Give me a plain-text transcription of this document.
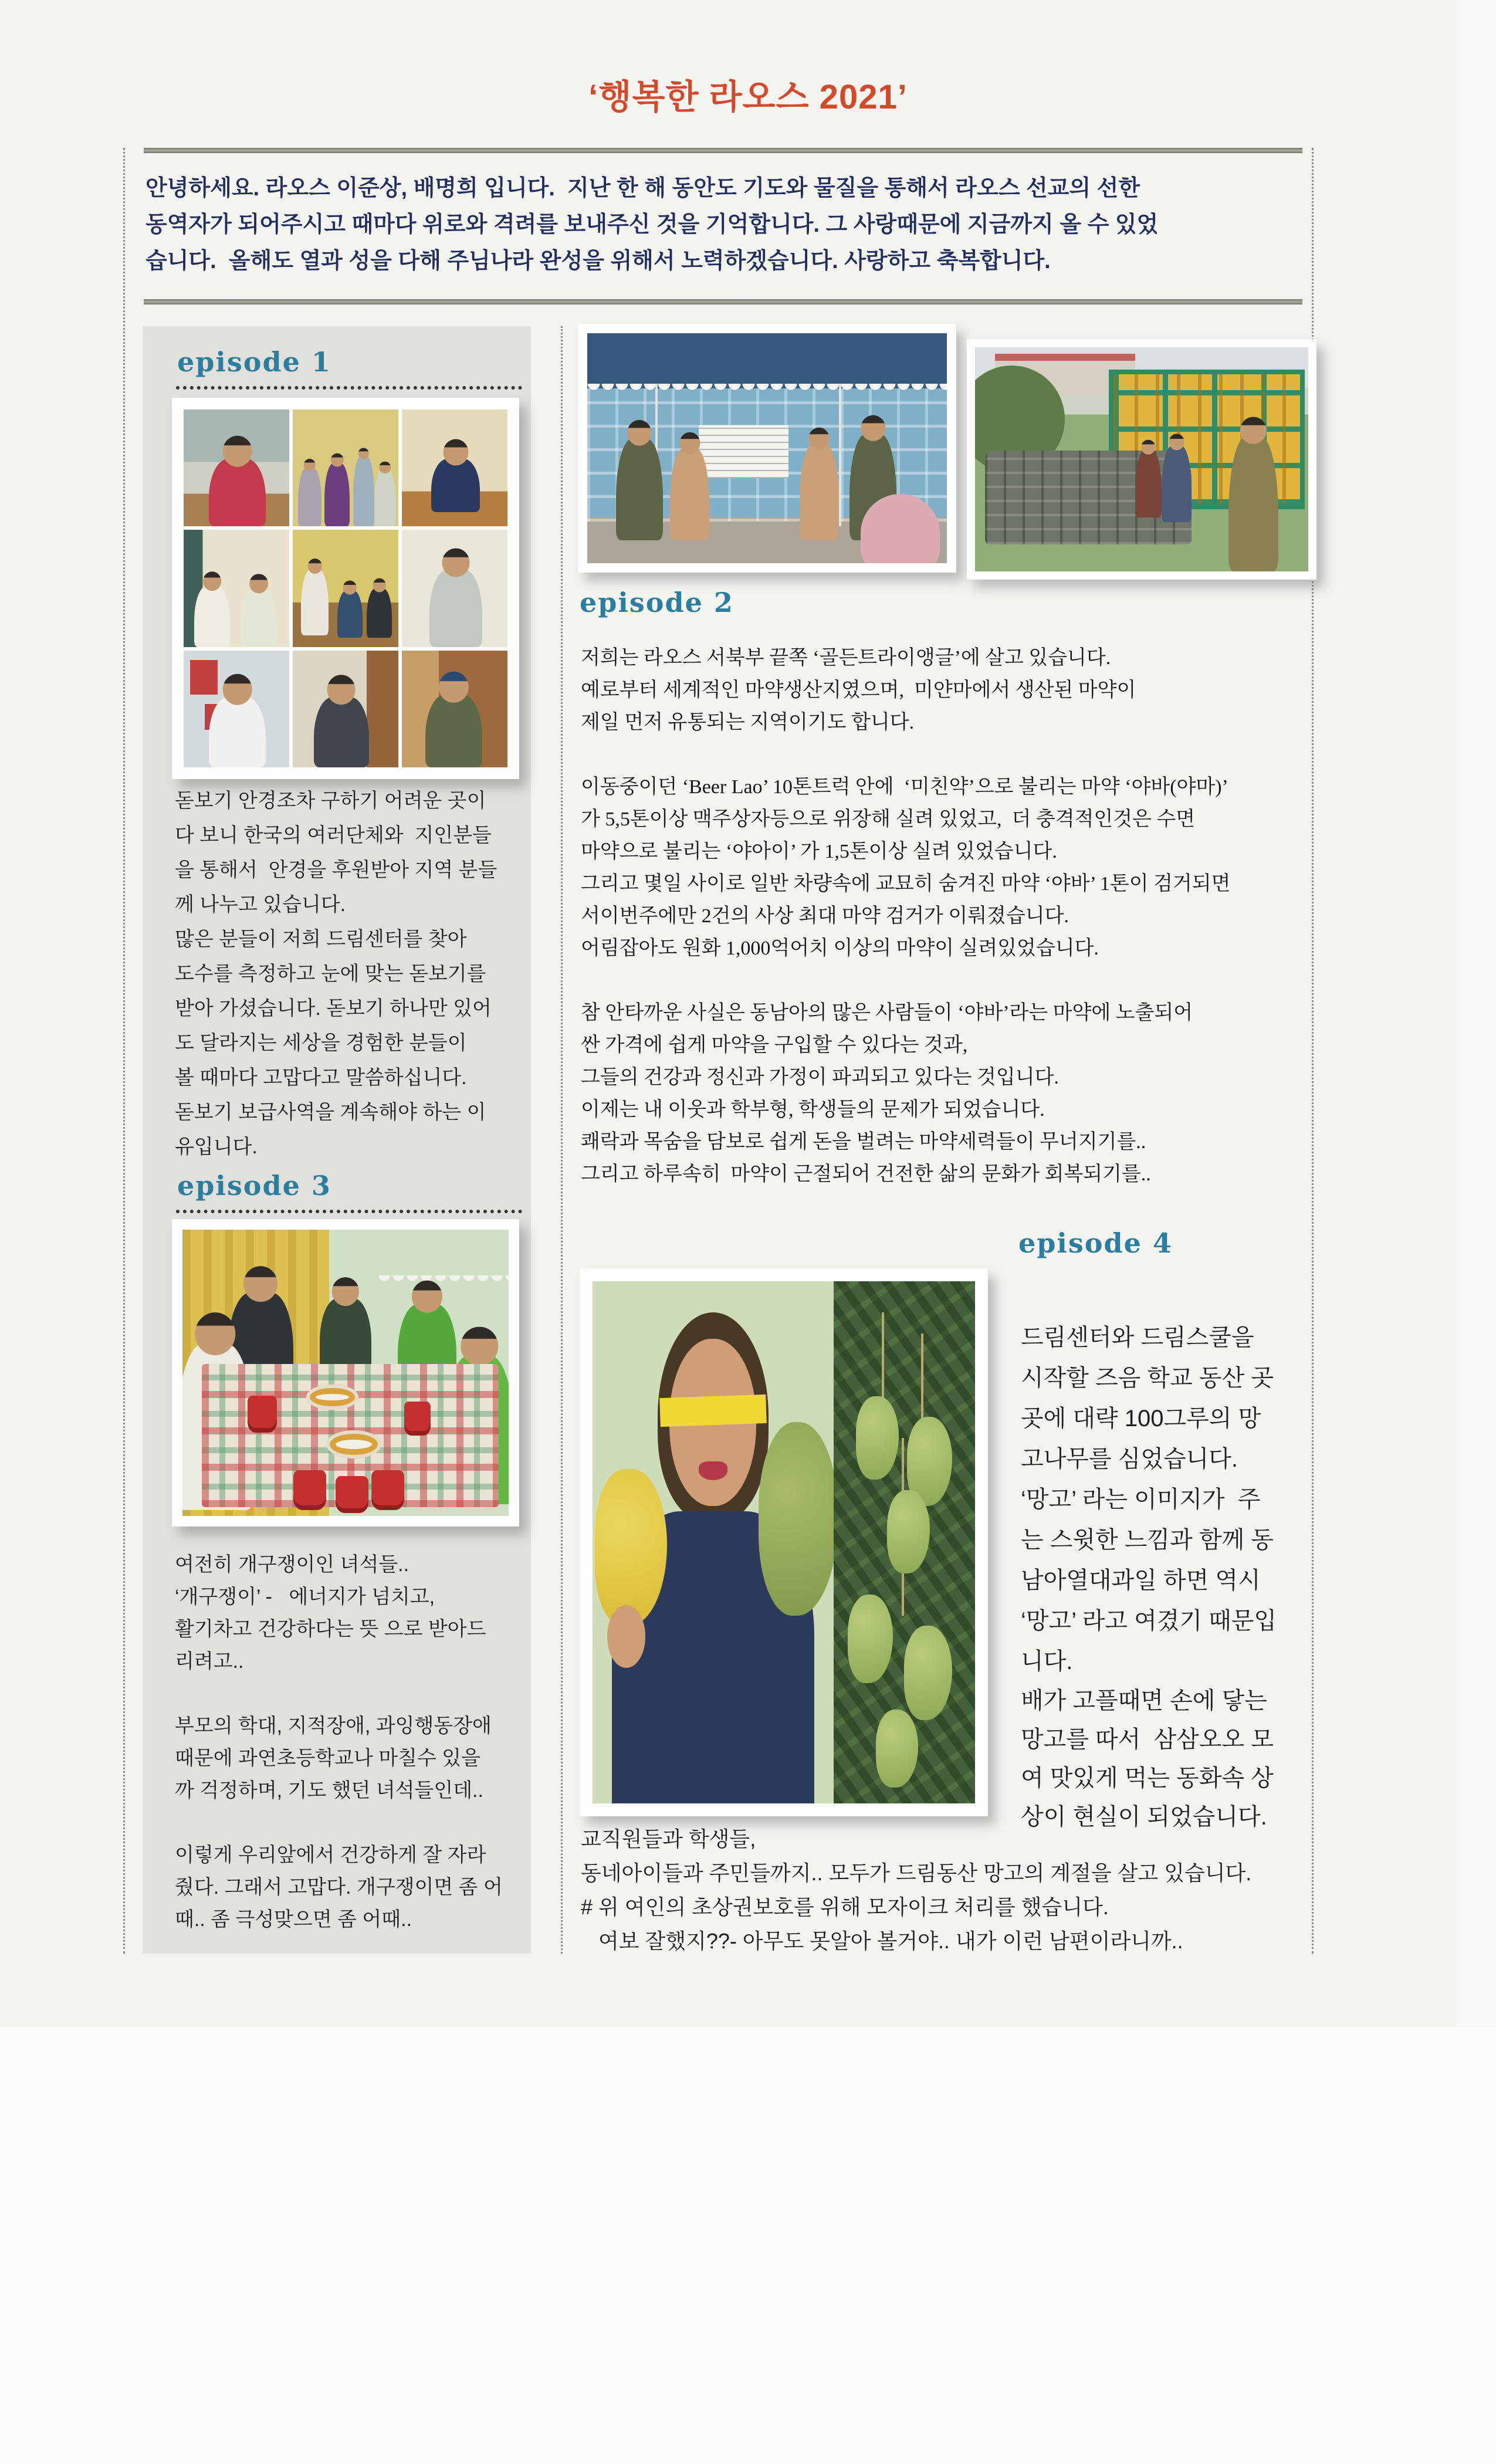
‘행복한 라오스 2021’
안녕하세요. 라오스 이준상, 배명희 입니다.  지난 한 해 동안도 기도와 물질을 통해서 라오스 선교의 선한
동역자가 되어주시고 때마다 위로와 격려를 보내주신 것을 기억합니다. 그 사랑때문에 지금까지 올 수 있었
습니다.  올해도 열과 성을 다해 주님나라 완성을 위해서 노력하겠습니다. 사랑하고 축복합니다.
episode 1
돋보기 안경조차 구하기 어려운 곳이
다 보니 한국의 여러단체와  지인분들
을 통해서  안경을 후원받아 지역 분들
께 나누고 있습니다.
많은 분들이 저희 드림센터를 찾아
도수를 측정하고 눈에 맞는 돋보기를
받아 가셨습니다. 돋보기 하나만 있어
도 달라지는 세상을 경험한 분들이
볼 때마다 고맙다고 말씀하십니다.
돋보기 보급사역을 계속해야 하는 이
유입니다.
episode 3
여전히 개구쟁이인 녀석들..
‘개구쟁이’ -   에너지가 넘치고,
활기차고 건강하다는 뜻 으로 받아드
리려고..

부모의 학대, 지적장애, 과잉행동장애
때문에 과연초등학교나 마칠수 있을
까 걱정하며, 기도 했던 녀석들인데..

이렇게 우리앞에서 건강하게 잘 자라
줬다. 그래서 고맙다. 개구쟁이면 좀 어
때.. 좀 극성맞으면 좀 어때..
episode 2
저희는 라오스 서북부 끝쪽 ‘골든트라이앵글’에 살고 있습니다.
예로부터 세계적인 마약생산지였으며,  미얀마에서 생산된 마약이
제일 먼저 유통되는 지역이기도 합니다.

이동중이던 ‘Beer Lao’ 10톤트럭 안에  ‘미친약’으로 불리는 마약 ‘야바(야마)’
가 5,5톤이상 맥주상자등으로 위장해 실려 있었고,  더 충격적인것은 수면
마약으로 불리는 ‘야아이’ 가 1,5톤이상 실려 있었습니다.
그리고 몇일 사이로 일반 차량속에 교묘히 숨겨진 마약 ‘야바’ 1톤이 검거되면
서이번주에만 2건의 사상 최대 마약 검거가 이뤄졌습니다.
어림잡아도 원화 1,000억어치 이상의 마약이 실려있었습니다.

참 안타까운 사실은 동남아의 많은 사람들이 ‘야바’라는 마약에 노출되어
싼 가격에 쉽게 마약을 구입할 수 있다는 것과,
그들의 건강과 정신과 가정이 파괴되고 있다는 것입니다.
이제는 내 이웃과 학부형, 학생들의 문제가 되었습니다.
쾌락과 목숨을 담보로 쉽게 돈을 벌려는 마약세력들이 무너지기를..
그리고 하루속히  마약이 근절되어 건전한 삶의 문화가 회복되기를..
episode 4
드림센터와 드림스쿨을
시작할 즈음 학교 동산 곳
곳에 대략 100그루의 망
고나무를 심었습니다.
‘망고’ 라는 이미지가  주
는 스윗한 느낌과 함께 동
남아열대과일 하면 역시
‘망고’ 라고 여겼기 때문입
니다.
배가 고플때면 손에 닿는
망고를 따서  삼삼오오 모
여 맛있게 먹는 동화속 상
상이 현실이 되었습니다.
교직원들과 학생들,
동네아이들과 주민들까지.. 모두가 드림동산 망고의 계절을 살고 있습니다.
# 위 여인의 초상권보호를 위해 모자이크 처리를 했습니다.
여보 잘했지??- 아무도 못알아 볼거야.. 내가 이런 남편이라니까..
